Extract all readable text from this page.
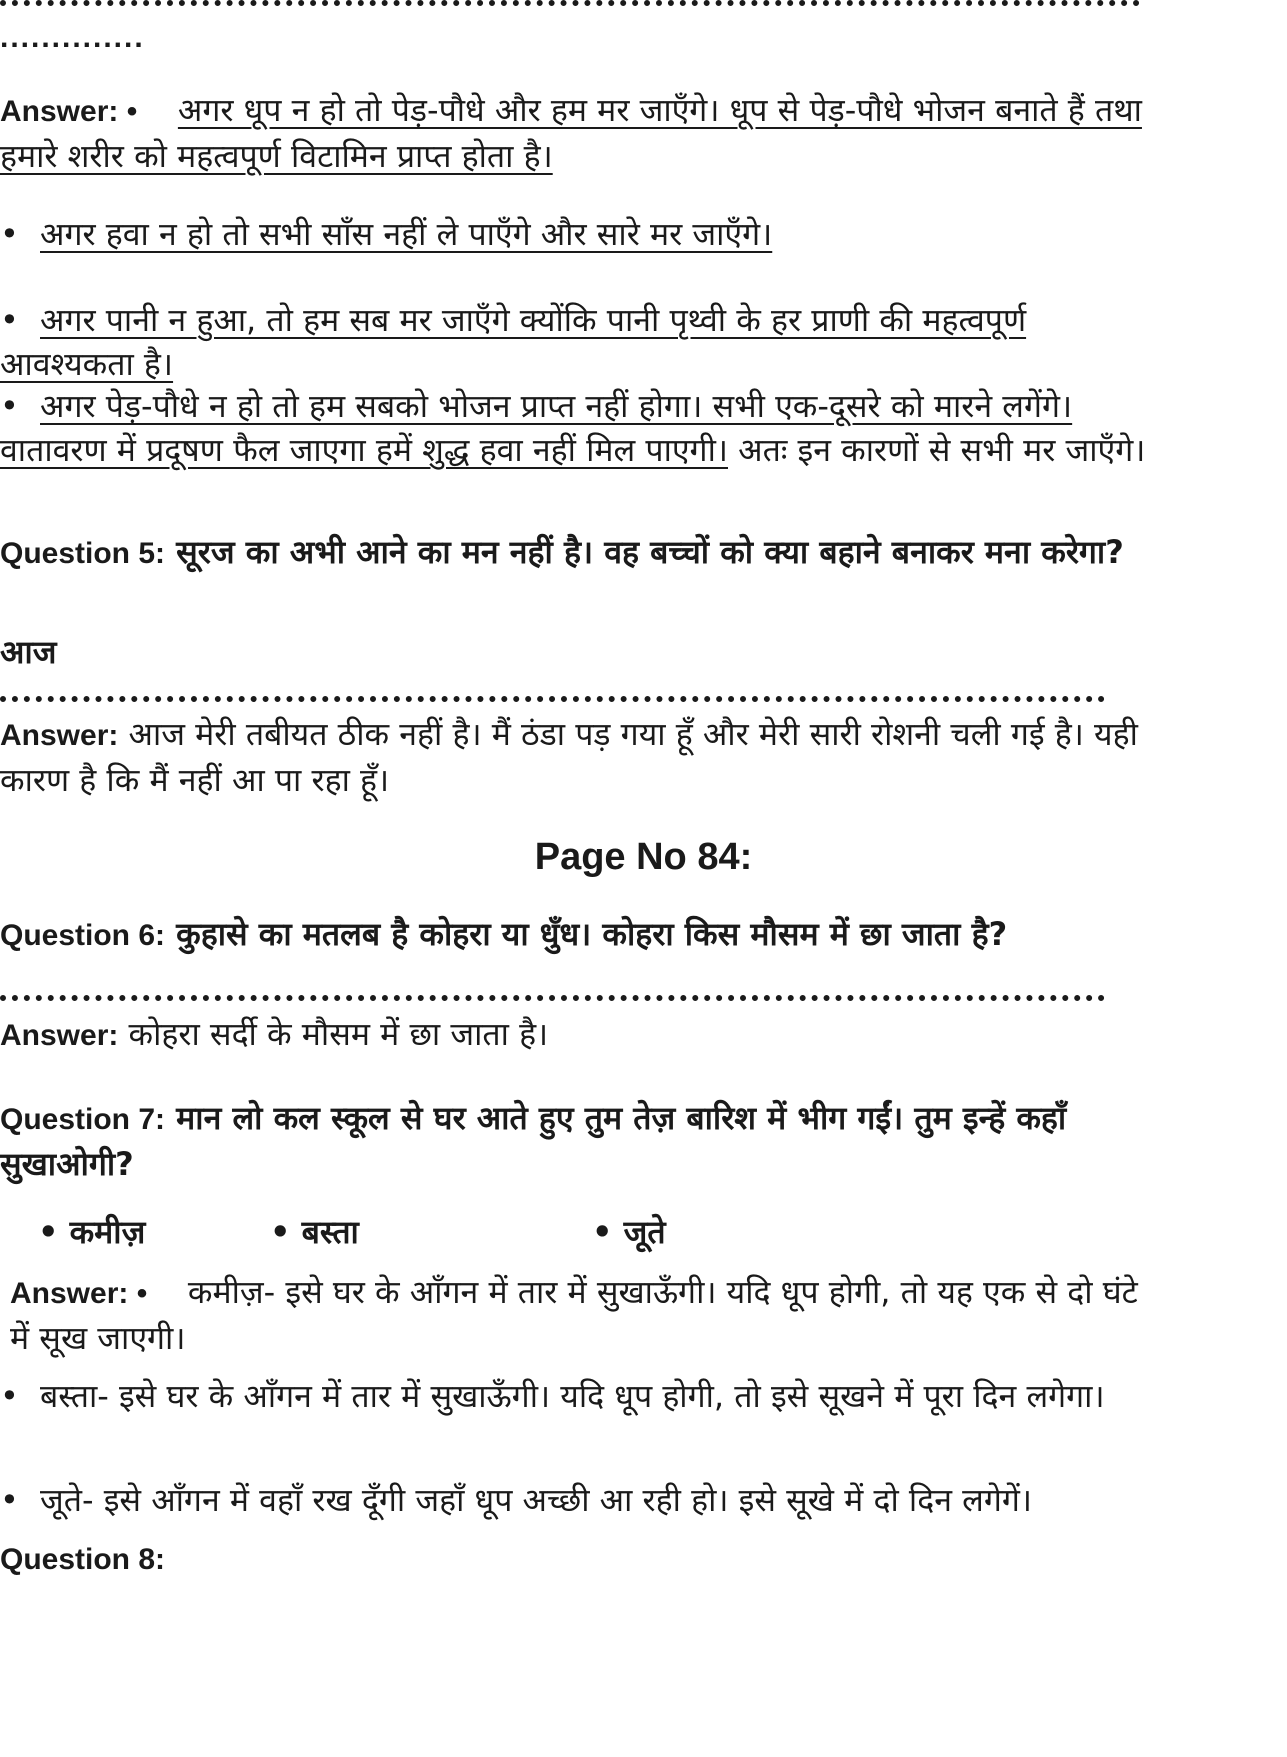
..............

Answer: • अगर धूप न हो तो पेड़-पौधे और हम मर जाएँगे। धूप से पेड़-पौधे भोजन बनाते हैं तथा हमारे शरीर को महत्वपूर्ण विटामिन प्राप्त होता है।

• अगर हवा न हो तो सभी साँस नहीं ले पाएँगे और सारे मर जाएँगे।

• अगर पानी न हुआ, तो हम सब मर जाएँगे क्योंकि पानी पृथ्वी के हर प्राणी की महत्वपूर्ण आवश्यकता है।

• अगर पेड़-पौधे न हो तो हम सबको भोजन प्राप्त नहीं होगा। सभी एक-दूसरे को मारने लगेंगे। वातावरण में प्रदूषण फैल जाएगा हमें शुद्ध हवा नहीं मिल पाएगी। अतः इन कारणों से सभी मर जाएँगे।

Question 5: सूरज का अभी आने का मन नहीं है। वह बच्चों को क्या बहाने बनाकर मना करेगा?

आज

Answer: आज मेरी तबीयत ठीक नहीं है। मैं ठंडा पड़ गया हूँ और मेरी सारी रोशनी चली गई है। यही कारण है कि मैं नहीं आ पा रहा हूँ।

Page No 84:

Question 6: कुहासे का मतलब है कोहरा या धुँध। कोहरा किस मौसम में छा जाता है?

Answer: कोहरा सर्दी के मौसम में छा जाता है।

Question 7: मान लो कल स्कूल से घर आते हुए तुम तेज़ बारिश में भीग गईं। तुम इन्हें कहाँ सुखाओगी?

• कमीज़	• बस्ता	• जूते

Answer: • कमीज़- इसे घर के आँगन में तार में सुखाऊँगी। यदि धूप होगी, तो यह एक से दो घंटे में सूख जाएगी।

• बस्ता- इसे घर के आँगन में तार में सुखाऊँगी। यदि धूप होगी, तो इसे सूखने में पूरा दिन लगेगा।

• जूते- इसे आँगन में वहाँ रख दूँगी जहाँ धूप अच्छी आ रही हो। इसे सूखे में दो दिन लगेगें।

Question 8:
